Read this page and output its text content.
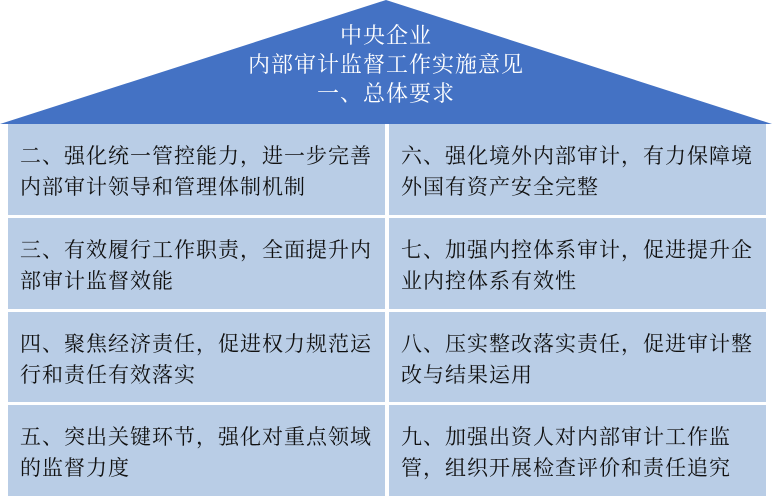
中央企业
内部审计监督工作实施意见
一、总体要求
二、强化统一管控能力，进一步完善内部审计领导和管理体制机制
六、强化境外内部审计，有力保障境外国有资产安全完整
三、有效履行工作职责，全面提升内部审计监督效能
七、加强内控体系审计，促进提升企业内控体系有效性
四、聚焦经济责任，促进权力规范运行和责任有效落实
八、压实整改落实责任，促进审计整改与结果运用
五、突出关键环节，强化对重点领域的监督力度
九、加强出资人对内部审计工作监管，组织开展检查评价和责任追究
